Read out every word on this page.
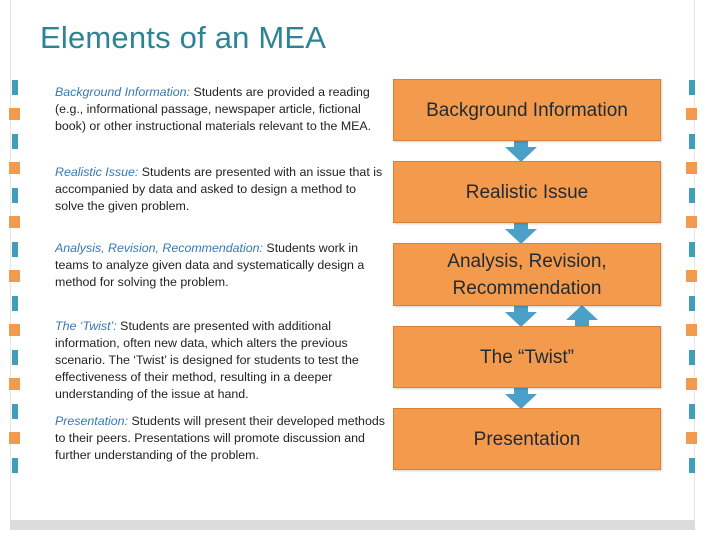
Elements of an MEA

Background Information: Students are provided a reading (e.g., informational passage, newspaper article, fictional book) or other instructional materials relevant to the MEA.

Realistic Issue: Students are presented with an issue that is accompanied by data and asked to design a method to solve the given problem.

Analysis, Revision, Recommendation: Students work in teams to analyze given data and systematically design a method for solving the problem.

The ‘Twist’: Students are presented with additional information, often new data, which alters the previous scenario. The ‘Twist’ is designed for students to test the effectiveness of their method, resulting in a deeper understanding of the issue at hand.

Presentation: Students will present their developed methods to their peers. Presentations will promote discussion and further understanding of the problem.

Background Information
Realistic Issue
Analysis, Revision, Recommendation
The “Twist”
Presentation
